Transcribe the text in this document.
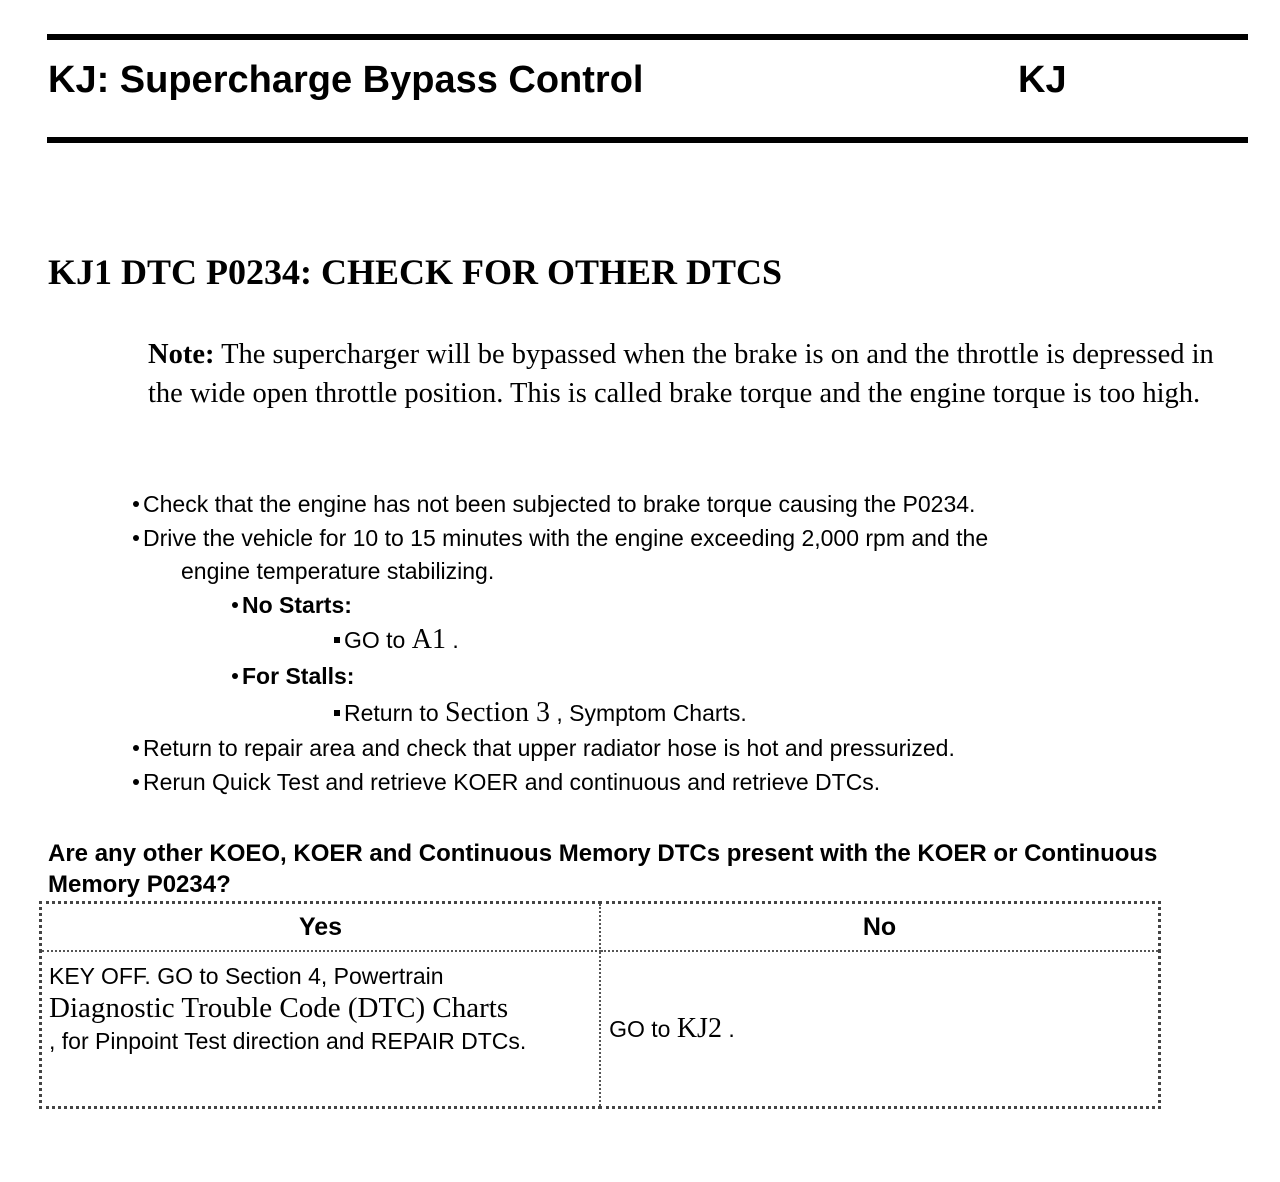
KJ: Supercharge Bypass Control	KJ
KJ1 DTC P0234: CHECK FOR OTHER DTCS
Note: The supercharger will be bypassed when the brake is on and the throttle is depressed in the wide open throttle position. This is called brake torque and the engine torque is too high.
Check that the engine has not been subjected to brake torque causing the P0234.
Drive the vehicle for 10 to 15 minutes with the engine exceeding 2,000 rpm and the
engine temperature stabilizing.
No Starts:
GO to A1 .
For Stalls:
Return to Section 3 , Symptom Charts.
Return to repair area and check that upper radiator hose is hot and pressurized.
Rerun Quick Test and retrieve KOER and continuous and retrieve DTCs.
Are any other KOEO, KOER and Continuous Memory DTCs present with the KOER or Continuous Memory P0234?
Yes	No
KEY OFF. GO to Section 4, Powertrain
Diagnostic Trouble Code (DTC) Charts
, for Pinpoint Test direction and REPAIR DTCs.	GO to KJ2 .
